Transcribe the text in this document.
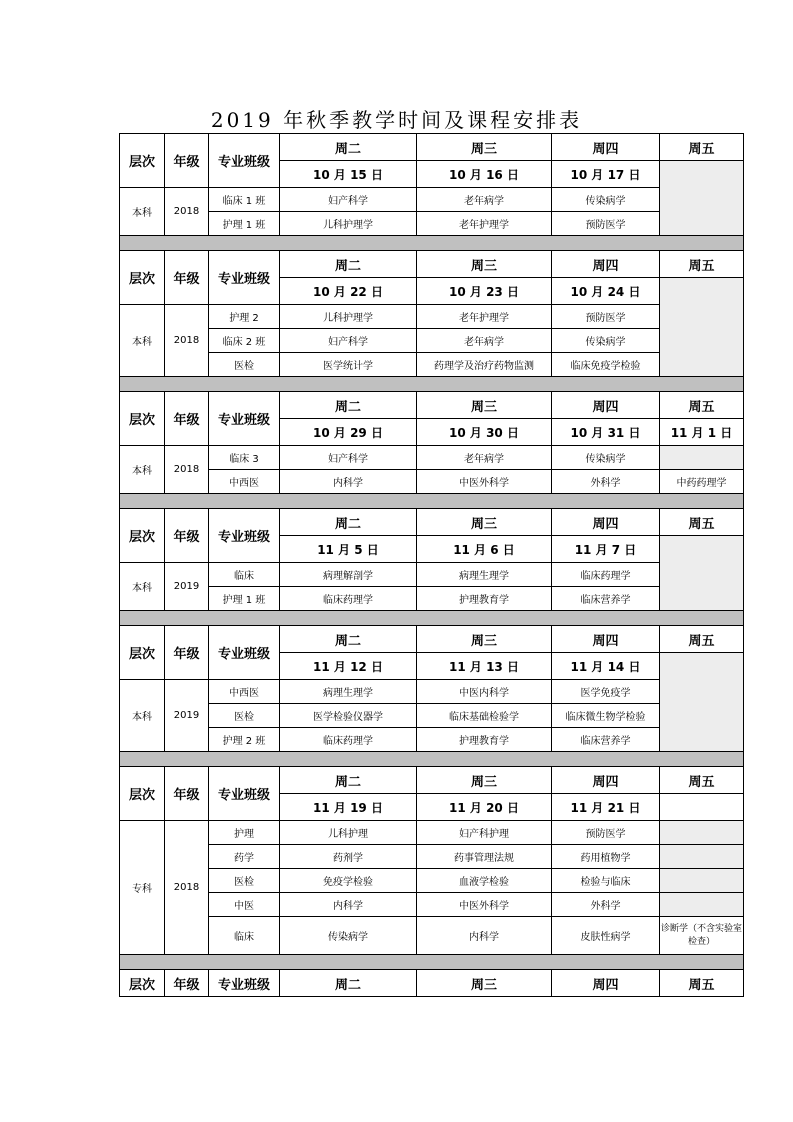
2019 年秋季教学时间及课程安排表
层次	年级	专业班级	周二	周三	周四	周五
			10 月 15 日	10 月 16 日	10 月 17 日	
本科	2018	临床 1 班	妇产科学	老年病学	传染病学	
		护理 1 班	儿科护理学	老年护理学	预防医学	

层次	年级	专业班级	周二	周三	周四	周五
			10 月 22 日	10 月 23 日	10 月 24 日	
本科	2018	护理 2	儿科护理学	老年护理学	预防医学	
		临床 2 班	妇产科学	老年病学	传染病学	
		医检	医学统计学	药理学及治疗药物监测	临床免疫学检验	

层次	年级	专业班级	周二	周三	周四	周五
			10 月 29 日	10 月 30 日	10 月 31 日	11 月 1 日
本科	2018	临床 3	妇产科学	老年病学	传染病学	
		中西医	内科学	中医外科学	外科学	中药药理学

层次	年级	专业班级	周二	周三	周四	周五
			11 月 5 日	11 月 6 日	11 月 7 日	
本科	2019	临床	病理解剖学	病理生理学	临床药理学	
		护理 1 班	临床药理学	护理教育学	临床营养学	

层次	年级	专业班级	周二	周三	周四	周五
			11 月 12 日	11 月 13 日	11 月 14 日	
本科	2019	中西医	病理生理学	中医内科学	医学免疫学	
		医检	医学检验仪器学	临床基础检验学	临床微生物学检验	
		护理 2 班	临床药理学	护理教育学	临床营养学	

层次	年级	专业班级	周二	周三	周四	周五
			11 月 19 日	11 月 20 日	11 月 21 日	
专科	2018	护理	儿科护理	妇产科护理	预防医学	
		药学	药剂学	药事管理法规	药用植物学	
		医检	免疫学检验	血液学检验	检验与临床	
		中医	内科学	中医外科学	外科学	
		临床	传染病学	内科学	皮肤性病学	诊断学（不含实验室检查）

层次	年级	专业班级	周二	周三	周四	周五
